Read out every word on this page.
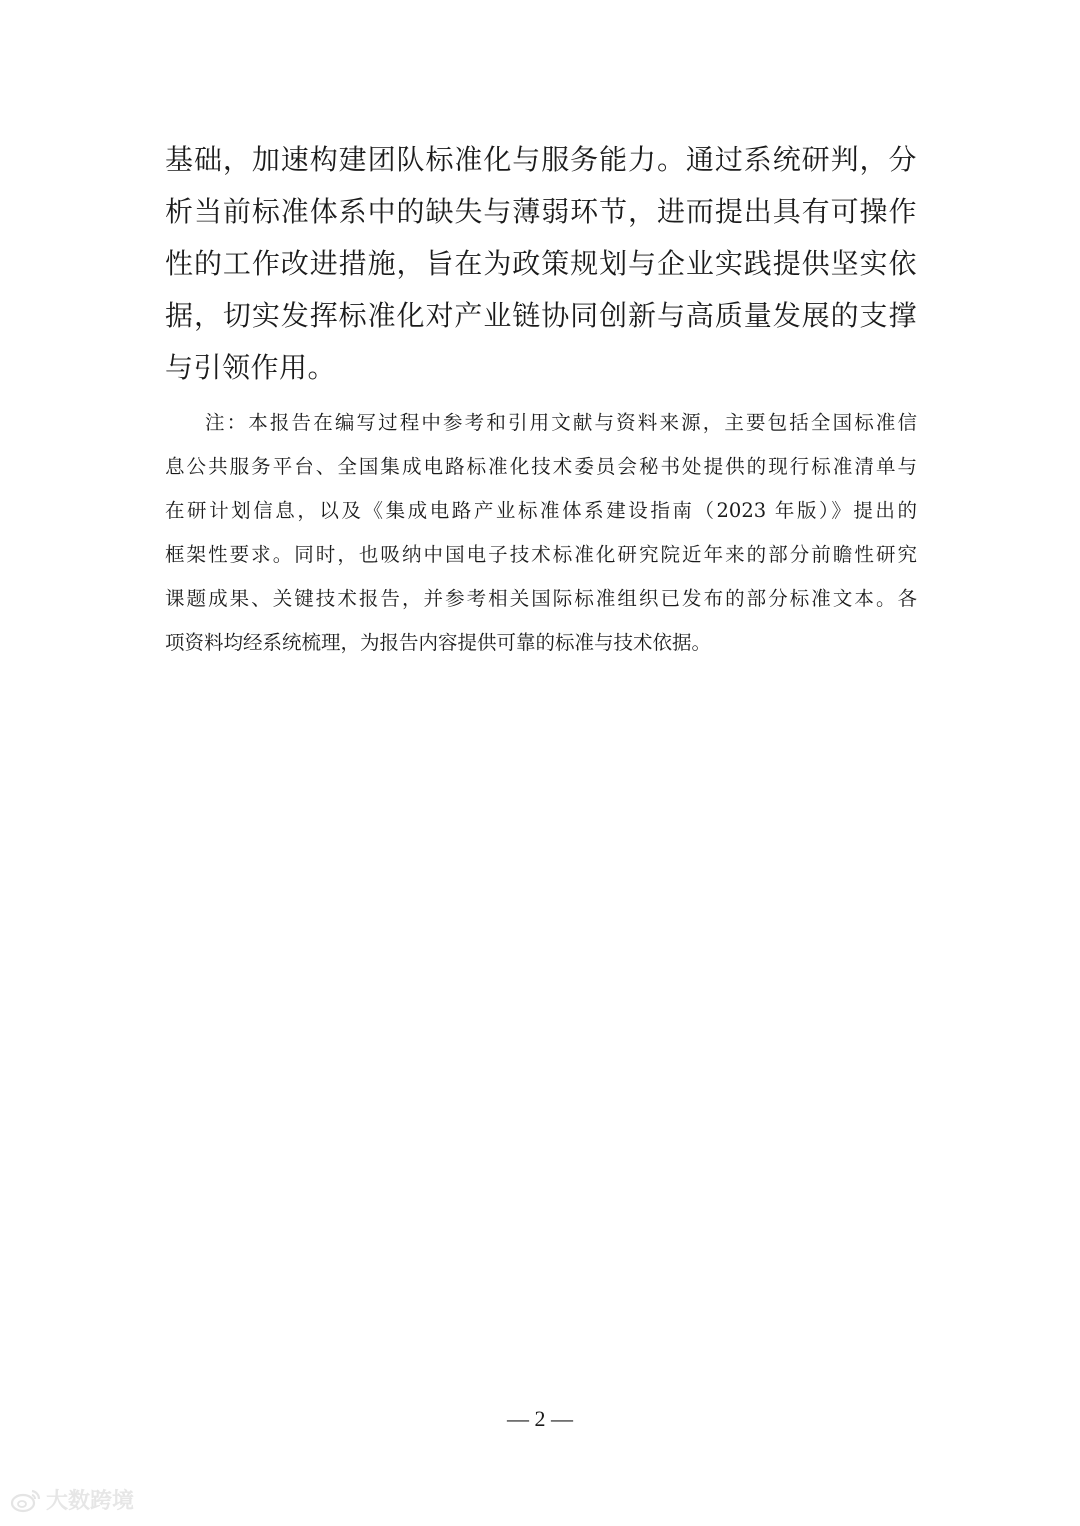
基础，加速构建团队标准化与服务能力。通过系统研判，分
析当前标准体系中的缺失与薄弱环节，进而提出具有可操作
性的工作改进措施，旨在为政策规划与企业实践提供坚实依
据，切实发挥标准化对产业链协同创新与高质量发展的支撑
与引领作用。
注：本报告在编写过程中参考和引用文献与资料来源，主要包括全国标准信
息公共服务平台、全国集成电路标准化技术委员会秘书处提供的现行标准清单与
在研计划信息，以及《集成电路产业标准体系建设指南（2023 年版）》提出的
框架性要求。同时，也吸纳中国电子技术标准化研究院近年来的部分前瞻性研究
课题成果、关键技术报告，并参考相关国际标准组织已发布的部分标准文本。各
项资料均经系统梳理，为报告内容提供可靠的标准与技术依据。
— 2 —
大数跨境
